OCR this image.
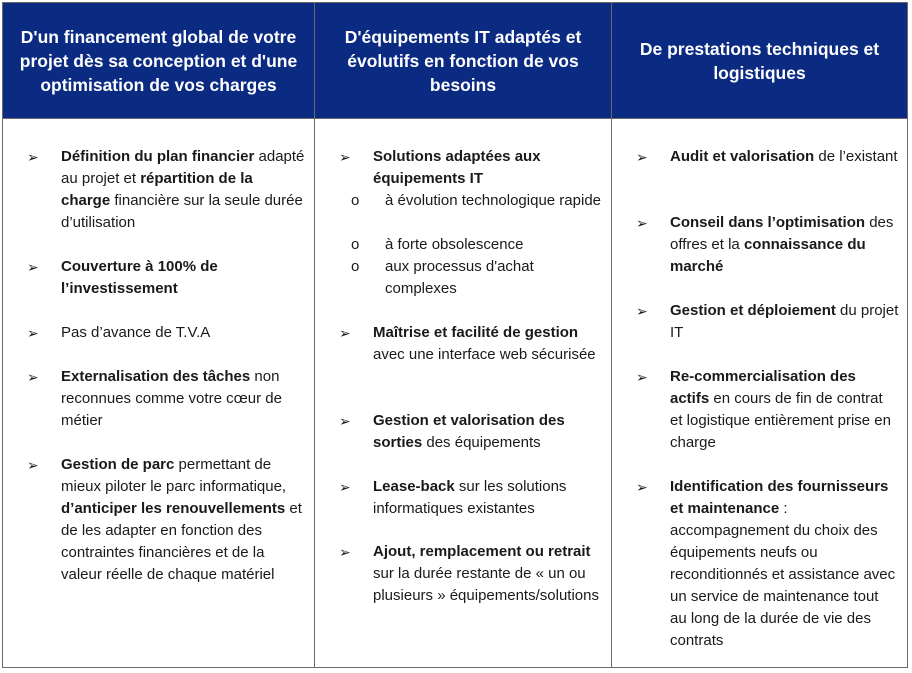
D'un financement global de votre projet dès sa conception et d'une optimisation de vos charges
➢ Définition du plan financier adapté au projet et répartition de la charge financière sur la seule durée d’utilisation
➢ Couverture à 100% de l’investissement
➢ Pas d’avance de T.V.A
➢ Externalisation des tâches non reconnues comme votre cœur de métier
➢ Gestion de parc permettant de mieux piloter le parc informatique, d’anticiper les renouvellements et de les adapter en fonction des contraintes financières et de la valeur réelle de chaque matériel
D'équipements IT adaptés et évolutifs en fonction de vos besoins
➢ Solutions adaptées aux équipements IT
o à évolution technologique rapide
o à forte obsolescence
o aux processus d'achat complexes
➢ Maîtrise et facilité de gestion avec une interface web sécurisée
➢ Gestion et valorisation des sorties des équipements
➢ Lease-back sur les solutions informatiques existantes
➢ Ajout, remplacement ou retrait sur la durée restante de « un ou plusieurs » équipements/solutions
De prestations techniques et logistiques
➢ Audit et valorisation de l’existant
➢ Conseil dans l’optimisation des offres et la connaissance du marché
➢ Gestion et déploiement du projet IT
➢ Re-commercialisation des actifs en cours de fin de contrat et logistique entièrement prise en charge
➢ Identification des fournisseurs et maintenance : accompagnement du choix des équipements neufs ou reconditionnés et assistance avec un service de maintenance tout au long de la durée de vie des contrats
